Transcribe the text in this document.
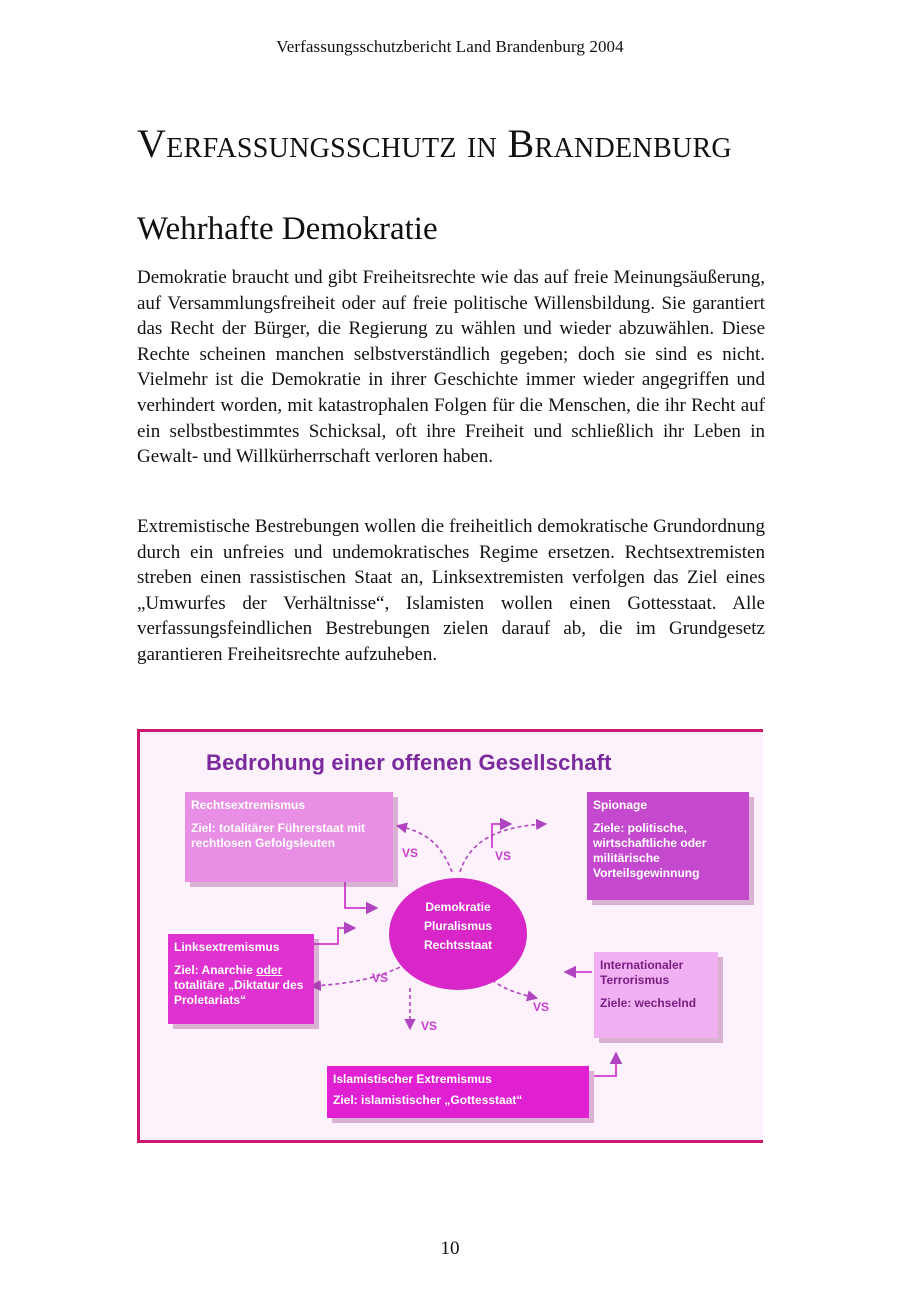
Verfassungsschutzbericht Land Brandenburg 2004
Verfassungsschutz in Brandenburg
Wehrhafte Demokratie

Demokratie braucht und gibt Freiheitsrechte wie das auf freie Meinungsäußerung, auf Versammlungsfreiheit oder auf freie politische Willensbildung. Sie garantiert das Recht der Bürger, die Regierung zu wählen und wieder abzuwählen. Diese Rechte scheinen manchen selbstverständlich gegeben; doch sie sind es nicht. Vielmehr ist die Demokratie in ihrer Geschichte immer wieder angegriffen und verhindert worden, mit katastrophalen Folgen für die Menschen, die ihr Recht auf ein selbstbestimmtes Schicksal, oft ihre Freiheit und schließlich ihr Leben in Gewalt- und Willkürherrschaft verloren haben.

Extremistische Bestrebungen wollen die freiheitlich demokratische Grundordnung durch ein unfreies und undemokratisches Regime ersetzen. Rechtsextremisten streben einen rassistischen Staat an, Linksextremisten verfolgen das Ziel eines „Umwurfes der Verhältnisse“, Islamisten wollen einen Gottesstaat. Alle verfassungsfeindlichen Bestrebungen zielen darauf ab, die im Grundgesetz garantieren Freiheitsrechte aufzuheben.

Bedrohung einer offenen Gesellschaft
VS	VS
VS
VS
VS
Rechtsextremismus
Ziel: totalitärer Führerstaat mit rechtlosen Gefolgsleuten
Spionage
Ziele: politische, wirtschaftliche oder militärische Vorteilsgewinnung
Demokratie
Pluralismus
Rechtsstaat
Linksextremismus
Ziel: Anarchie oder totalitäre „Diktatur des Proletariats“
Internationaler Terrorismus
Ziele: wechselnd
Islamistischer Extremismus
Ziel: islamistischer „Gottesstaat“
10
